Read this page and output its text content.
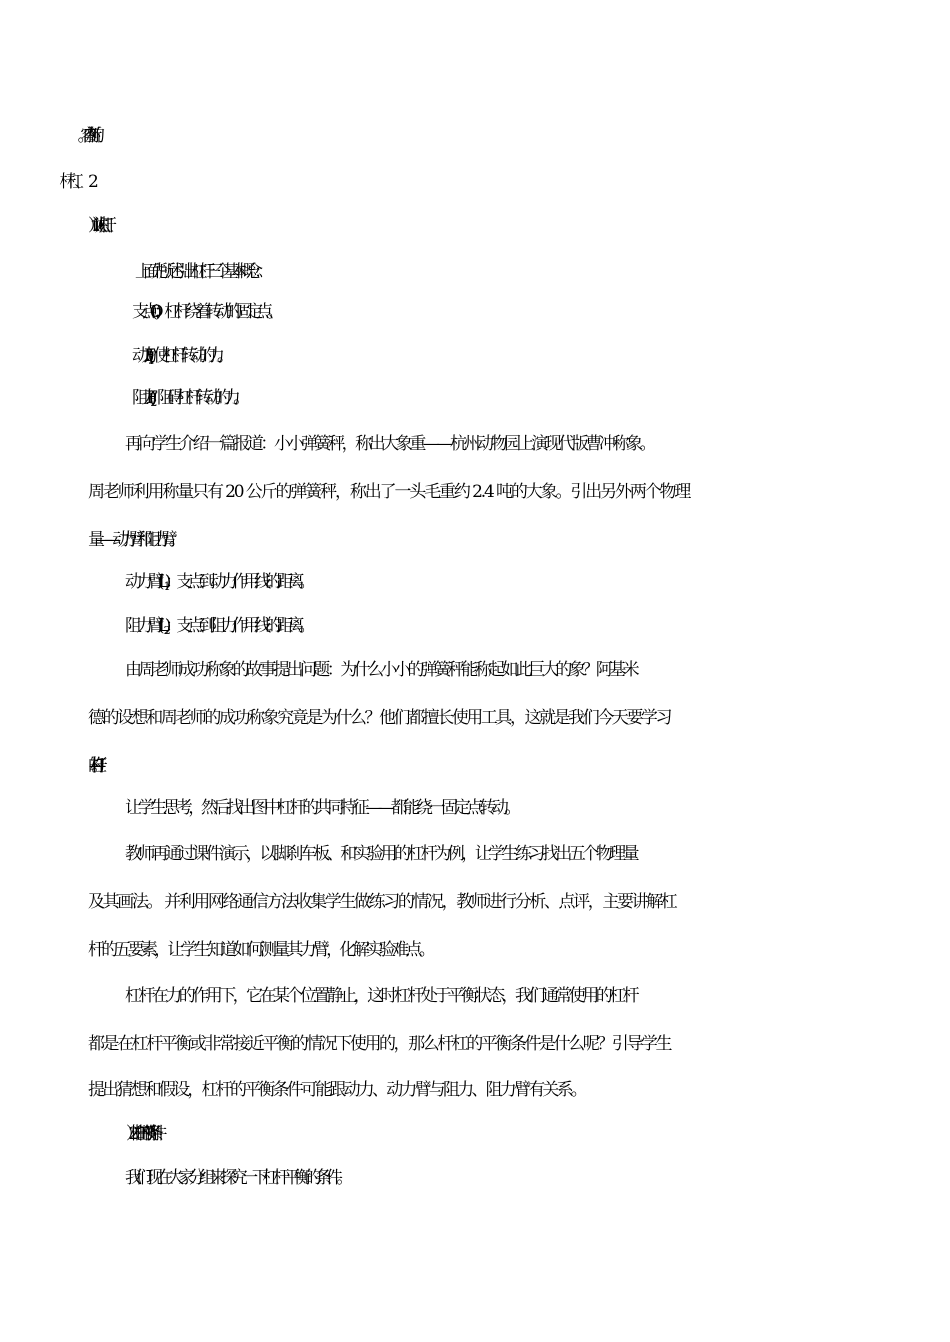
（1）认识杠杆
上面先所述引出杠杆三个基本概念：
支点 ( O ) ：杠杆绕着转动的固定点。
动力 ( F) ：使杠杆转动的力。
阻力 ( F) ：阻碍杠杆转动的力。
再向学生介绍一篇报道：小小弹簧秤，称出大象重——杭州动物园上演现代版曹冲称象。
周老师利用称量只有 20 公斤的弹簧秤，称出了一头毛重约 2.4 吨的大象。引出另外两个物理
量——动力臂和阻力臂。
动力臂 ( $L_1$) ：支点到动力作用线的距离。
阻力臂 ( $L_2$) ：支点到阻力作用线的距离。
由周老师成功称象的故事提出问题：为什么小小的弹簧秤能称起如此巨大的象？阿基米
德的设想和周老师的成功称象究竟是为什么？他们都擅长使用工具，这就是我们今天要学习
的——杠杆。
让学生思考，然后找出图中杠杆的共同特征——都能绕一固定点转动。
教师再通过课件演示，以脚刹车板、和实验用的杠杆为例，让学生练习找出五个物理量
及其画法。 并利用网络通信方法收集学生做练习的情况，教师进行分析、点评，主要讲解杠
杆的五要素，让学生知道如何测量其力臂，化解实验难点。
杠杆在力的作用下，它在某个位置静止，这时杠杆处于平衡状态，我们通常使用的杠杆
都是在杠杆平衡或非常接近平衡的情况下使用的，那么杆杠的平衡条件是什么呢？引导学生
提出猜想和假设，杠杆的平衡条件可能跟动力、动力臂与阻力、阻力臂有关系。
（2）杆杠的平衡条件
我们现在大家分组来探究一下杠杆平衡的条件。
